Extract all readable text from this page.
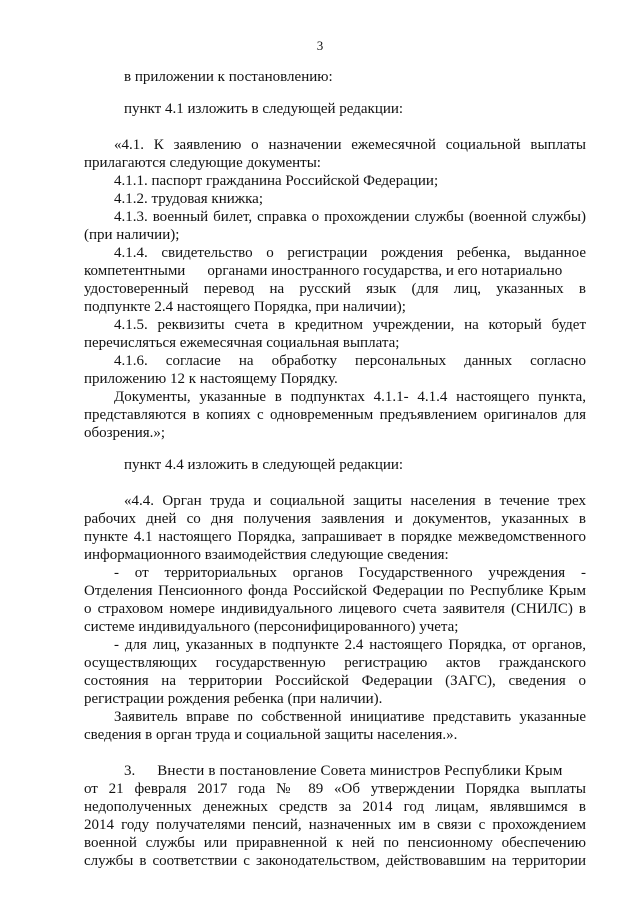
3
в приложении к постановлению:
пункт 4.1 изложить в следующей редакции:
«4.1. К заявлению о назначении ежемесячной социальной выплаты
прилагаются следующие документы:
4.1.1. паспорт гражданина Российской Федерации;
4.1.2. трудовая книжка;
4.1.3. военный билет, справка о прохождении службы (военной службы)
(при наличии);
4.1.4. свидетельство о регистрации рождения ребенка, выданное
компетентными органами иностранного государства, и его нотариально
удостоверенный перевод на русский язык (для лиц, указанных в
подпункте 2.4 настоящего Порядка, при наличии);
4.1.5. реквизиты счета в кредитном учреждении, на который будет
перечисляться ежемесячная социальная выплата;
4.1.6. согласие на обработку персональных данных согласно
приложению 12 к настоящему Порядку.
Документы, указанные в подпунктах 4.1.1- 4.1.4 настоящего пункта,
представляются в копиях с одновременным предъявлением оригиналов для
обозрения.»;
пункт 4.4 изложить в следующей редакции:
«4.4. Орган труда и социальной защиты населения в течение трех
рабочих дней со дня получения заявления и документов, указанных в
пункте 4.1 настоящего Порядка, запрашивает в порядке межведомственного
информационного взаимодействия следующие сведения:
- от территориальных органов Государственного учреждения -
Отделения Пенсионного фонда Российской Федерации по Республике Крым
о страховом номере индивидуального лицевого счета заявителя (СНИЛС) в
системе индивидуального (персонифицированного) учета;
- для лиц, указанных в подпункте 2.4 настоящего Порядка, от органов,
осуществляющих государственную регистрацию актов гражданского
состояния на территории Российской Федерации (ЗАГС), сведения о
регистрации рождения ребенка (при наличии).
Заявитель вправе по собственной инициативе представить указанные
сведения в орган труда и социальной защиты населения.».
3. Внести в постановление Совета министров Республики Крым
от 21 февраля 2017 года № 89 «Об утверждении Порядка выплаты
недополученных денежных средств за 2014 год лицам, являвшимся в
2014 году получателями пенсий, назначенных им в связи с прохождением
военной службы или приравненной к ней по пенсионному обеспечению
службы в соответствии с законодательством, действовавшим на территории
